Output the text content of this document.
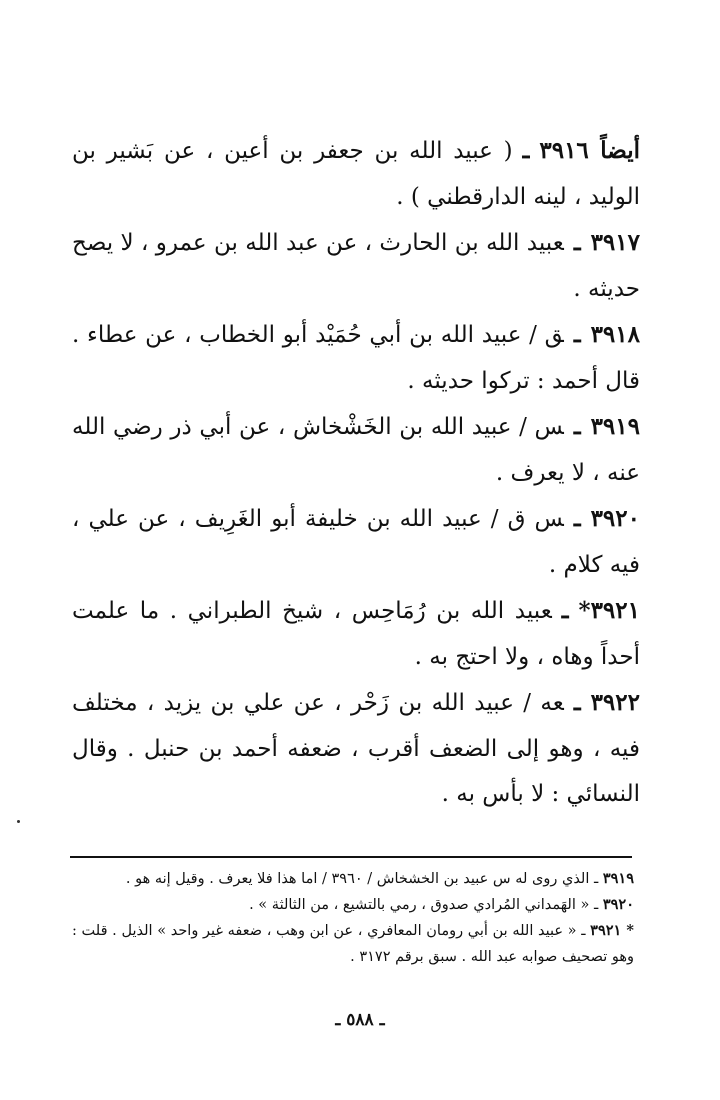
أيضاً ٣٩١٦ـ( عبيد الله بن جعفر بن أعين ، عن بَشير بن الوليد ، لينه الدارقطني ) .

٣٩١٧ـعبيد الله بن الحارث ، عن عبد الله بن عمرو ، لا يصح حديثه .

٣٩١٨ـق / عبيد الله بن أبي حُمَيْد أبو الخطاب ، عن عطاء . قال أحمد : تركوا حديثه .

٣٩١٩ـس / عبيد الله بن الخَشْخاش ، عن أبي ذر رضي الله عنه ، لا يعرف .

٣٩٢٠ـس ق / عبيد الله بن خليفة أبو الغَرِيف ، عن علي ، فيه كلام .

٣٩٢١*ـعبيد الله بن رُمَاحِس ، شيخ الطبراني . ما علمت أحداً وهاه ، ولا احتج به .

٣٩٢٢ـعه / عبيد الله بن زَحْر ، عن علي بن يزيد ، مختلف فيه ، وهو إلى الضعف أقرب ، ضعفه أحمد بن حنبل . وقال النسائي : لا بأس به .

٣٩١٩ ـ الذي روى له س عبيد بن الخشخاش / ٣٩٦٠ / اما هذا فلا يعرف . وقيل إنه هو .

٣٩٢٠ ـ « الهَمداني المُرادي صدوق ، رمي بالتشيع ، من الثالثة » .

* ٣٩٢١ ـ « عبيد الله بن أبي رومان المعافري ، عن ابن وهب ، ضعفه غير واحد » الذيل . قلت : وهو تصحيف صوابه عبد الله . سبق برقم ٣١٧٢ .

ـ ٥٨٨ ـ
